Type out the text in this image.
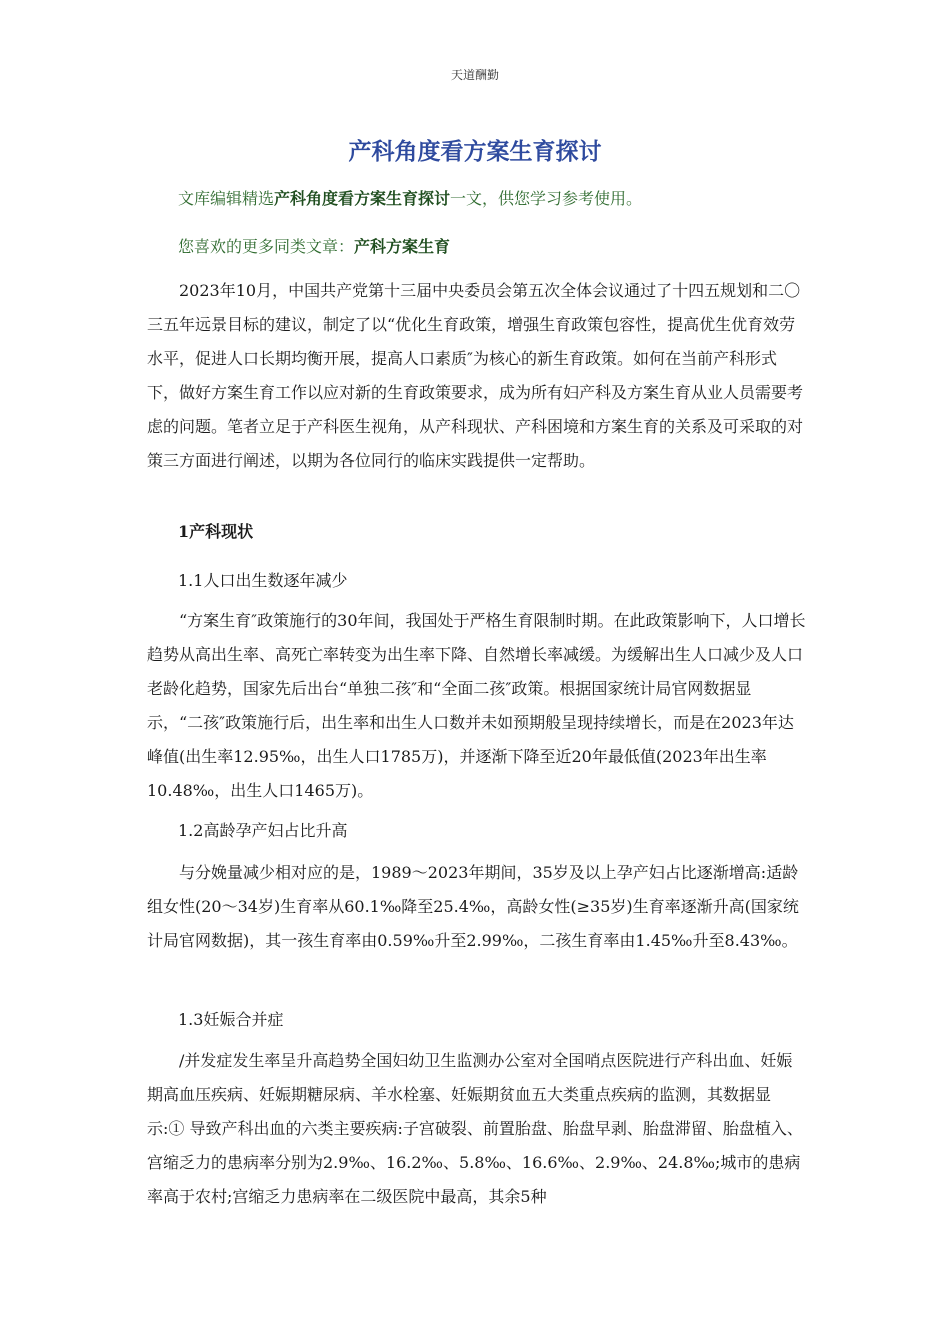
天道酬勤
产科角度看方案生育探讨
文库编辑精选产科角度看方案生育探讨一文，供您学习参考使用。
您喜欢的更多同类文章：产科方案生育

2023年10月，中国共产党第十三届中央委员会第五次全体会议通过了十四五规划和二〇三五年远景目标的建议，制定了以“优化生育政策，增强生育政策包容性，提高优生优育效劳水平，促进人口长期均衡开展，提高人口素质″为核心的新生育政策。如何在当前产科形式下，做好方案生育工作以应对新的生育政策要求，成为所有妇产科及方案生育从业人员需要考虑的问题。笔者立足于产科医生视角，从产科现状、产科困境和方案生育的关系及可采取的对策三方面进行阐述，以期为各位同行的临床实践提供一定帮助。

1产科现状
1.1人口出生数逐年减少

“方案生育″政策施行的30年间，我国处于严格生育限制时期。在此政策影响下，人口增长趋势从高出生率、高死亡率转变为出生率下降、自然增长率减缓。为缓解出生人口减少及人口老龄化趋势，国家先后出台“单独二孩″和“全面二孩″政策。根据国家统计局官网数据显示，“二孩″政策施行后，出生率和出生人口数并未如预期般呈现持续增长，而是在2023年达峰值(出生率12.95‰，出生人口1785万)，并逐渐下降至近20年最低值(2023年出生率10.48‰，出生人口1465万)。

1.2高龄孕产妇占比升高

与分娩量减少相对应的是，1989～2023年期间，35岁及以上孕产妇占比逐渐增高:适龄组女性(20～34岁)生育率从60.1‰降至25.4‰，高龄女性(≥35岁)生育率逐渐升高(国家统计局官网数据)，其一孩生育率由0.59‰升至2.99‰，二孩生育率由1.45‰升至8.43‰。

1.3妊娠合并症

/并发症发生率呈升高趋势全国妇幼卫生监测办公室对全国哨点医院进行产科出血、妊娠期高血压疾病、妊娠期糖尿病、羊水栓塞、妊娠期贫血五大类重点疾病的监测，其数据显示:① 导致产科出血的六类主要疾病:子宫破裂、前置胎盘、胎盘早剥、胎盘滞留、胎盘植入、宫缩乏力的患病率分别为2.9‰、16.2‰、5.8‰、16.6‰、2.9‰、24.8‰;城市的患病率高于农村;宫缩乏力患病率在二级医院中最高，其余5种
